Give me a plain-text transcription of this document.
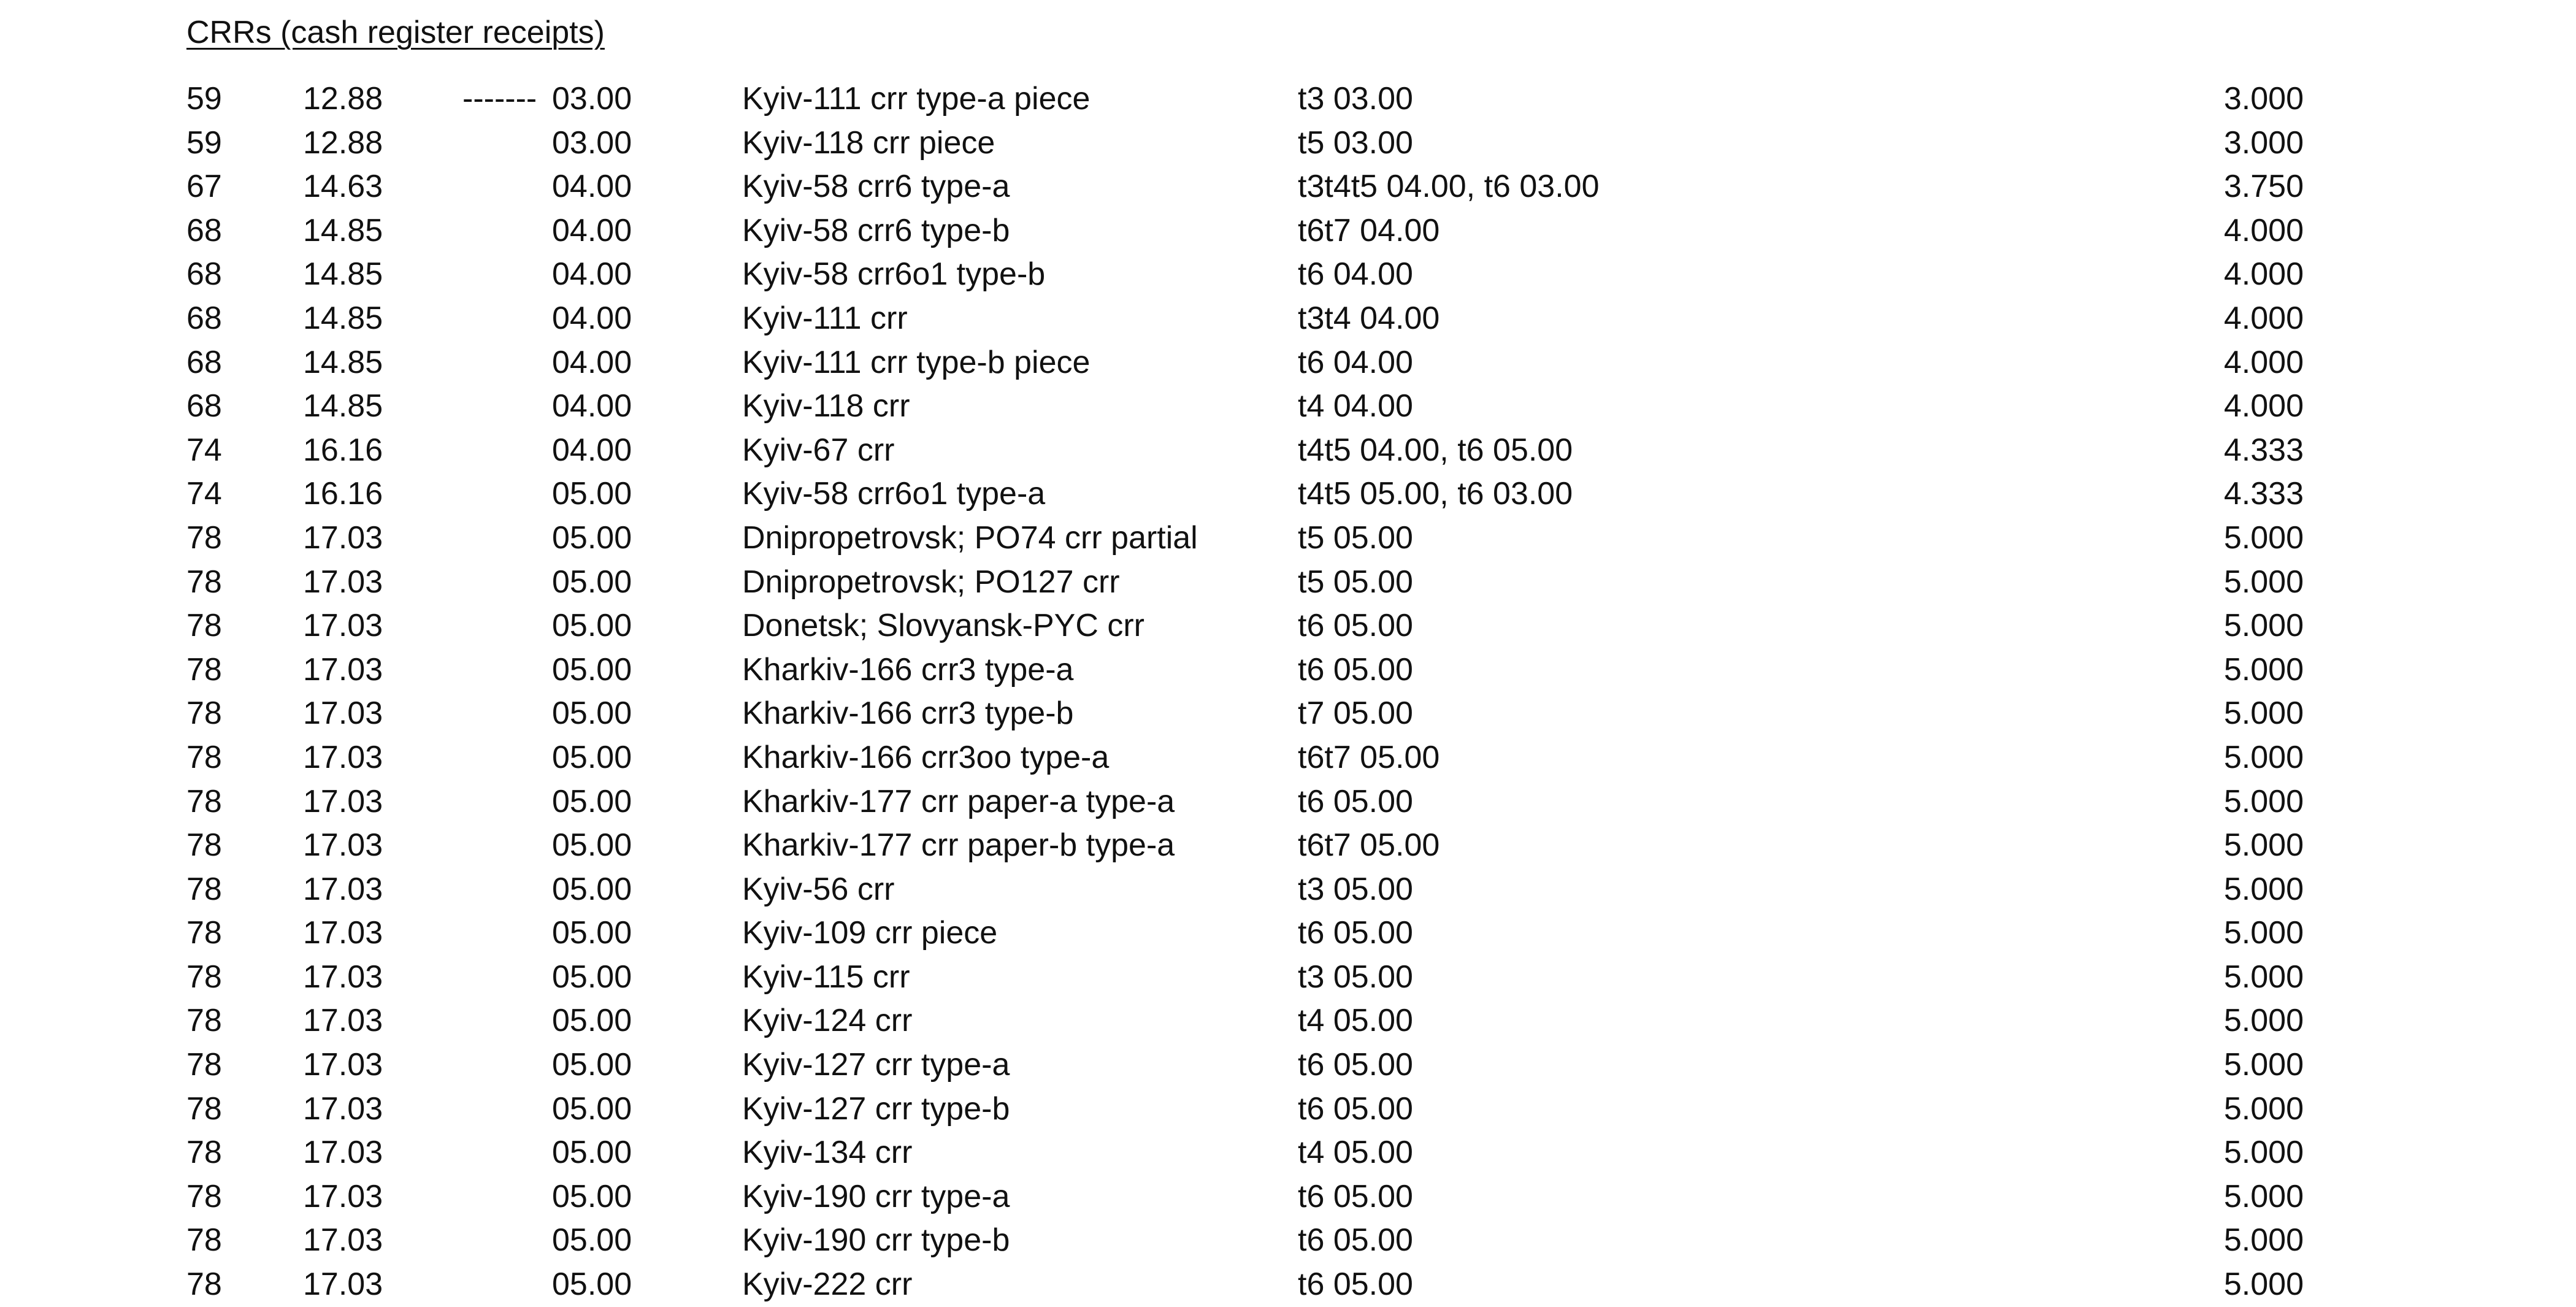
CRRs (cash register receipts)
59	12.88 ------- 03.00	Kyiv-111 crr type-a piece	t3 03.00	3.000
59	12.88	03.00	Kyiv-118 crr piece	t5 03.00	3.000
67	14.63	04.00	Kyiv-58 crr6 type-a	t3t4t5 04.00, t6 03.00	3.750
68	14.85	04.00	Kyiv-58 crr6 type-b	t6t7 04.00	4.000
68	14.85	04.00	Kyiv-58 crr6o1 type-b	t6 04.00	4.000
68	14.85	04.00	Kyiv-111 crr	t3t4 04.00	4.000
68	14.85	04.00	Kyiv-111 crr type-b piece	t6 04.00	4.000
68	14.85	04.00	Kyiv-118 crr	t4 04.00	4.000
74	16.16	04.00	Kyiv-67 crr	t4t5 04.00, t6 05.00	4.333
74	16.16	05.00	Kyiv-58 crr6o1 type-a	t4t5 05.00, t6 03.00	4.333
78	17.03	05.00	Dnipropetrovsk; PO74 crr partial	t5 05.00	5.000
78	17.03	05.00	Dnipropetrovsk; PO127 crr	t5 05.00	5.000
78	17.03	05.00	Donetsk; Slovyansk-PYC crr	t6 05.00	5.000
78	17.03	05.00	Kharkiv-166 crr3 type-a	t6 05.00	5.000
78	17.03	05.00	Kharkiv-166 crr3 type-b	t7 05.00	5.000
78	17.03	05.00	Kharkiv-166 crr3oo type-a	t6t7 05.00	5.000
78	17.03	05.00	Kharkiv-177 crr paper-a type-a	t6 05.00	5.000
78	17.03	05.00	Kharkiv-177 crr paper-b type-a	t6t7 05.00	5.000
78	17.03	05.00	Kyiv-56 crr	t3 05.00	5.000
78	17.03	05.00	Kyiv-109 crr piece	t6 05.00	5.000
78	17.03	05.00	Kyiv-115 crr	t3 05.00	5.000
78	17.03	05.00	Kyiv-124 crr	t4 05.00	5.000
78	17.03	05.00	Kyiv-127 crr type-a	t6 05.00	5.000
78	17.03	05.00	Kyiv-127 crr type-b	t6 05.00	5.000
78	17.03	05.00	Kyiv-134 crr	t4 05.00	5.000
78	17.03	05.00	Kyiv-190 crr type-a	t6 05.00	5.000
78	17.03	05.00	Kyiv-190 crr type-b	t6 05.00	5.000
78	17.03	05.00	Kyiv-222 crr	t6 05.00	5.000
